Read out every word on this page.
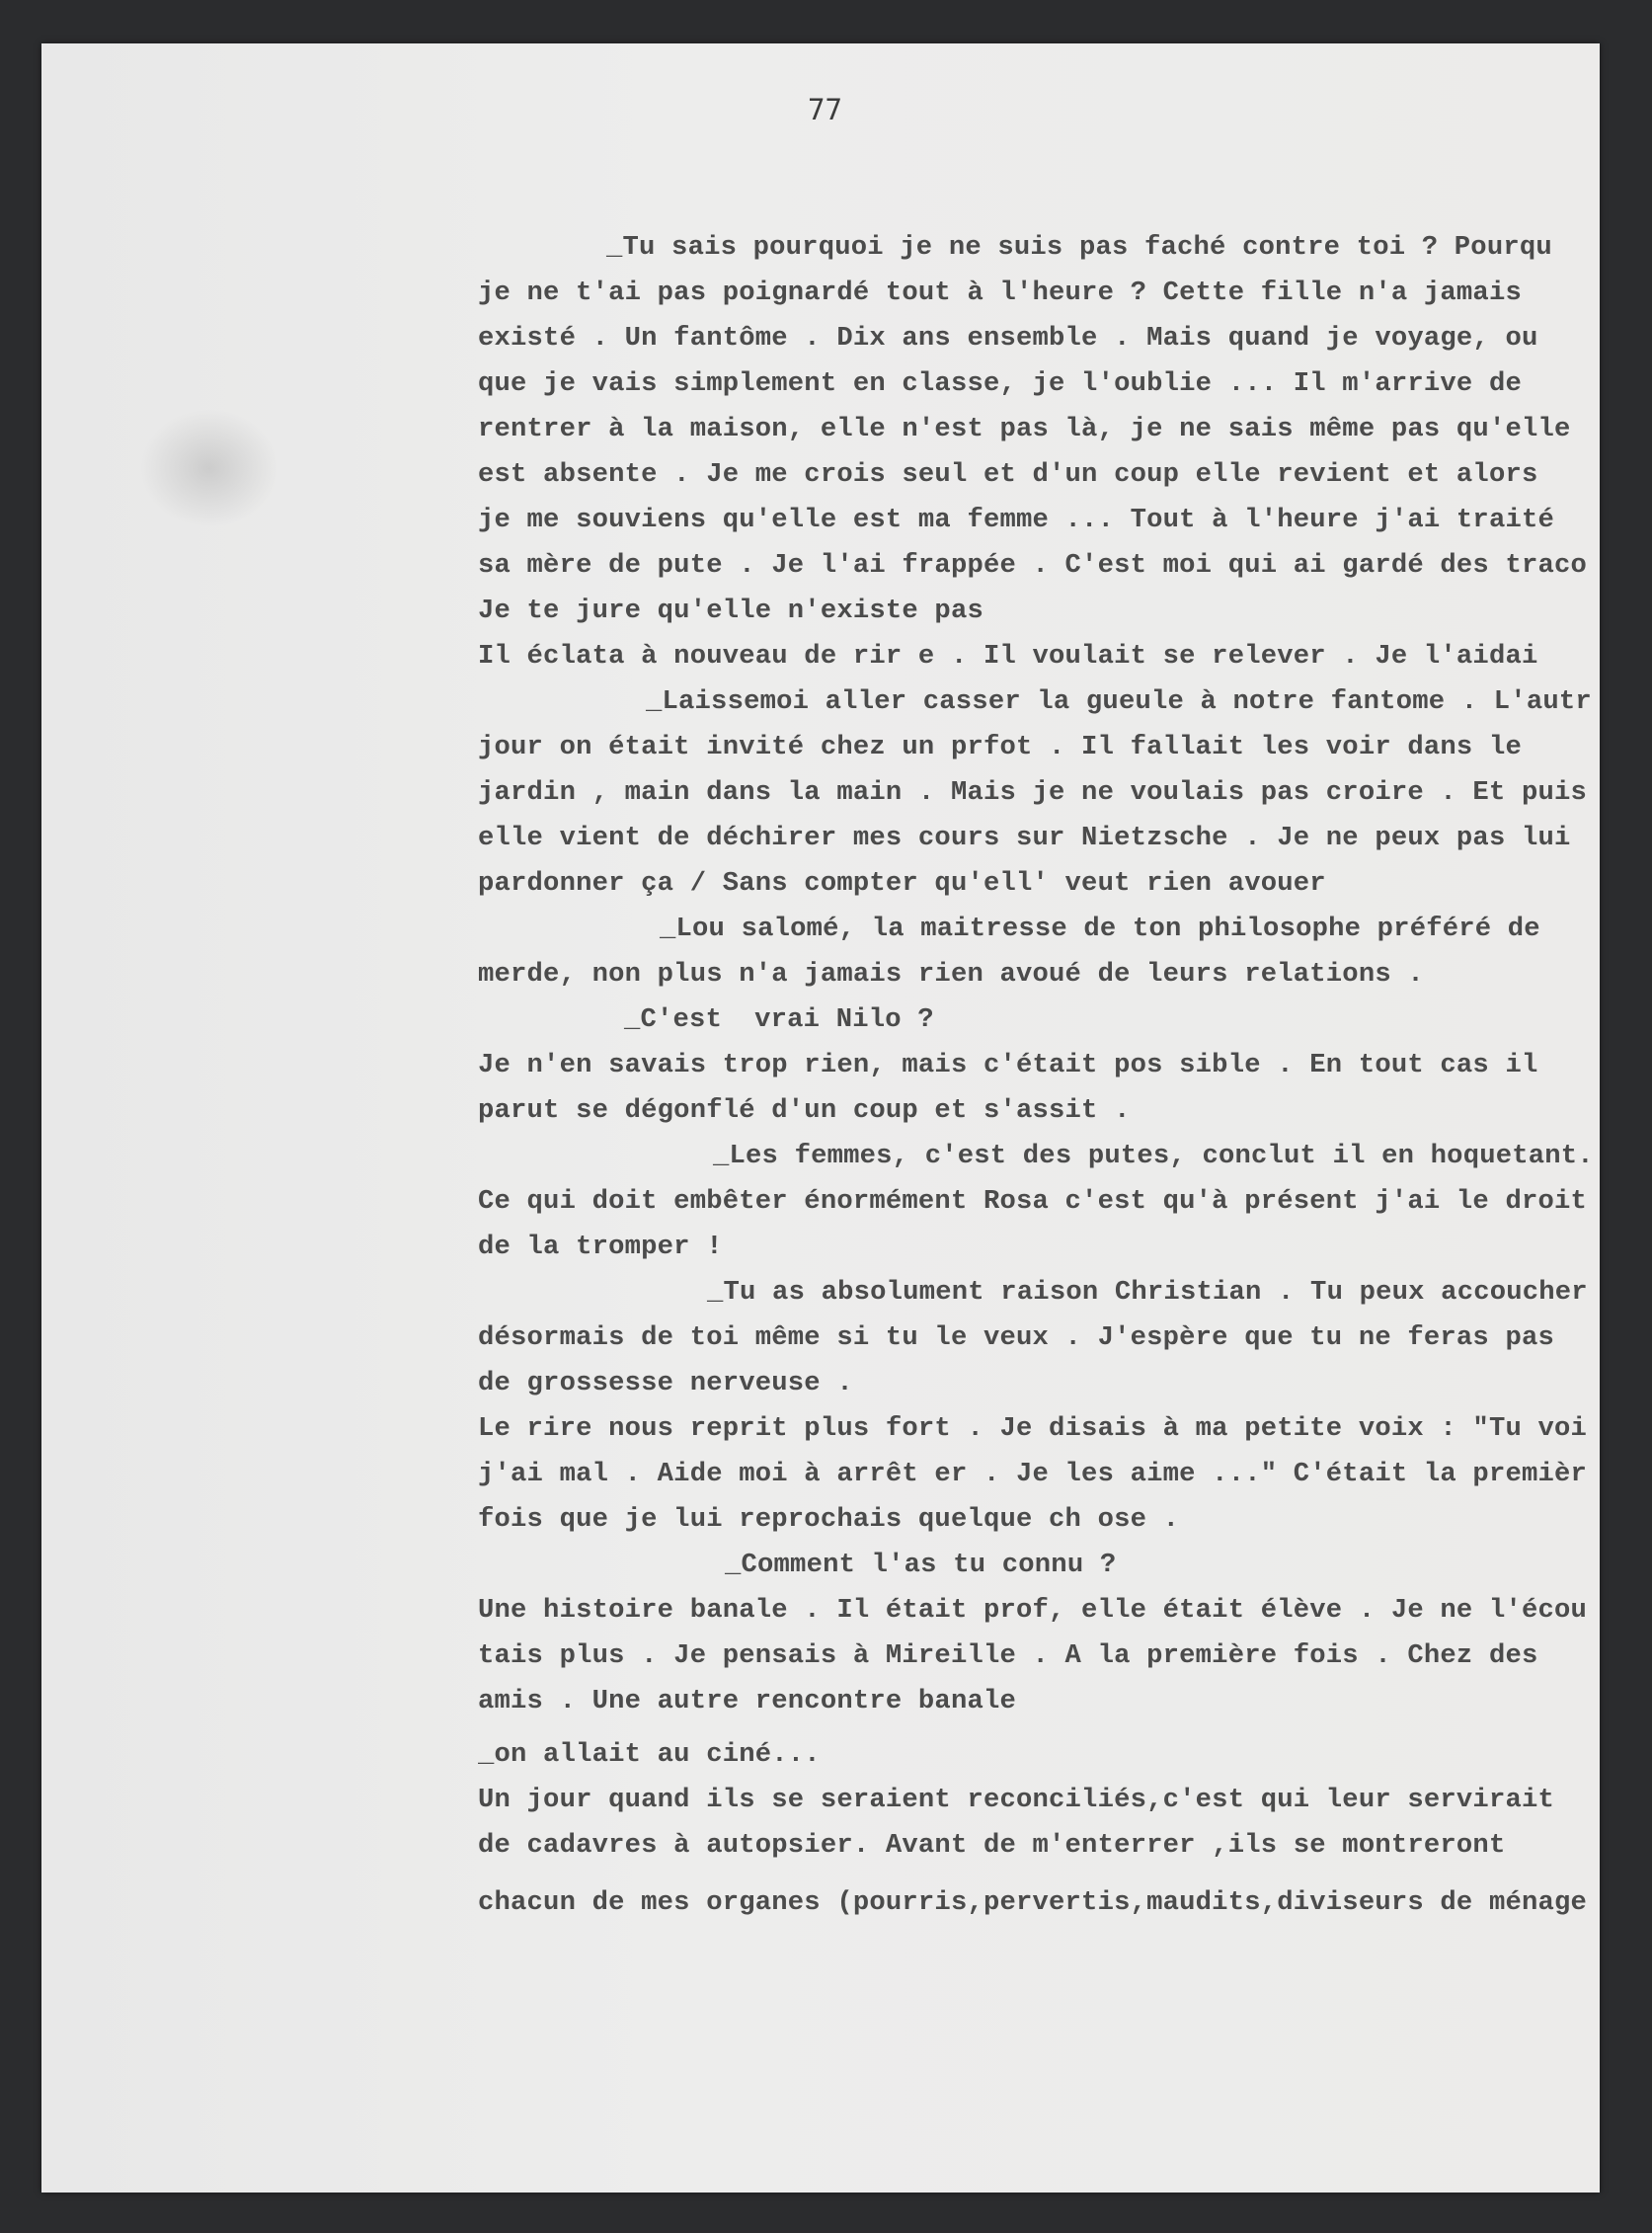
77
_Tu sais pourquoi je ne suis pas faché contre toi ? Pourqu
je ne t'ai pas poignardé tout à l'heure ? Cette fille n'a jamais
existé . Un fantôme . Dix ans ensemble . Mais quand je voyage, ou
que je vais simplement en classe, je l'oublie ... Il m'arrive de
rentrer à la maison, elle n'est pas là, je ne sais même pas qu'elle
est absente . Je me crois seul et d'un coup elle revient et alors
je me souviens qu'elle est ma femme ... Tout à l'heure j'ai traité
sa mère de pute . Je l'ai frappée . C'est moi qui ai gardé des traco
Je te jure qu'elle n'existe pas
Il éclata à nouveau de rir e . Il voulait se relever . Je l'aidai
_Laissemoi aller casser la gueule à notre fantome . L'autr
jour on était invité chez un prfot . Il fallait les voir dans le
jardin , main dans la main . Mais je ne voulais pas croire . Et puis
elle vient de déchirer mes cours sur Nietzsche . Je ne peux pas lui
pardonner ça / Sans compter qu'ell' veut rien avouer
_Lou salomé, la maitresse de ton philosophe préféré de
merde, non plus n'a jamais rien avoué de leurs relations .
_C'est  vrai Nilo ?
Je n'en savais trop rien, mais c'était pos sible . En tout cas il
parut se dégonflé d'un coup et s'assit .
_Les femmes, c'est des putes, conclut il en hoquetant.
Ce qui doit embêter énormément Rosa c'est qu'à présent j'ai le droit
de la tromper !
_Tu as absolument raison Christian . Tu peux accoucher
désormais de toi même si tu le veux . J'espère que tu ne feras pas
de grossesse nerveuse .
Le rire nous reprit plus fort . Je disais à ma petite voix : "Tu voi
j'ai mal . Aide moi à arrêt er . Je les aime ..." C'était la premièr
fois que je lui reprochais quelque ch ose .
_Comment l'as tu connu ?
Une histoire banale . Il était prof, elle était élève . Je ne l'écou
tais plus . Je pensais à Mireille . A la première fois . Chez des
amis . Une autre rencontre banale
_on allait au ciné...
Un jour quand ils se seraient reconciliés,c'est qui leur servirait
de cadavres à autopsier. Avant de m'enterrer ,ils se montreront
chacun de mes organes (pourris,pervertis,maudits,diviseurs de ménage
